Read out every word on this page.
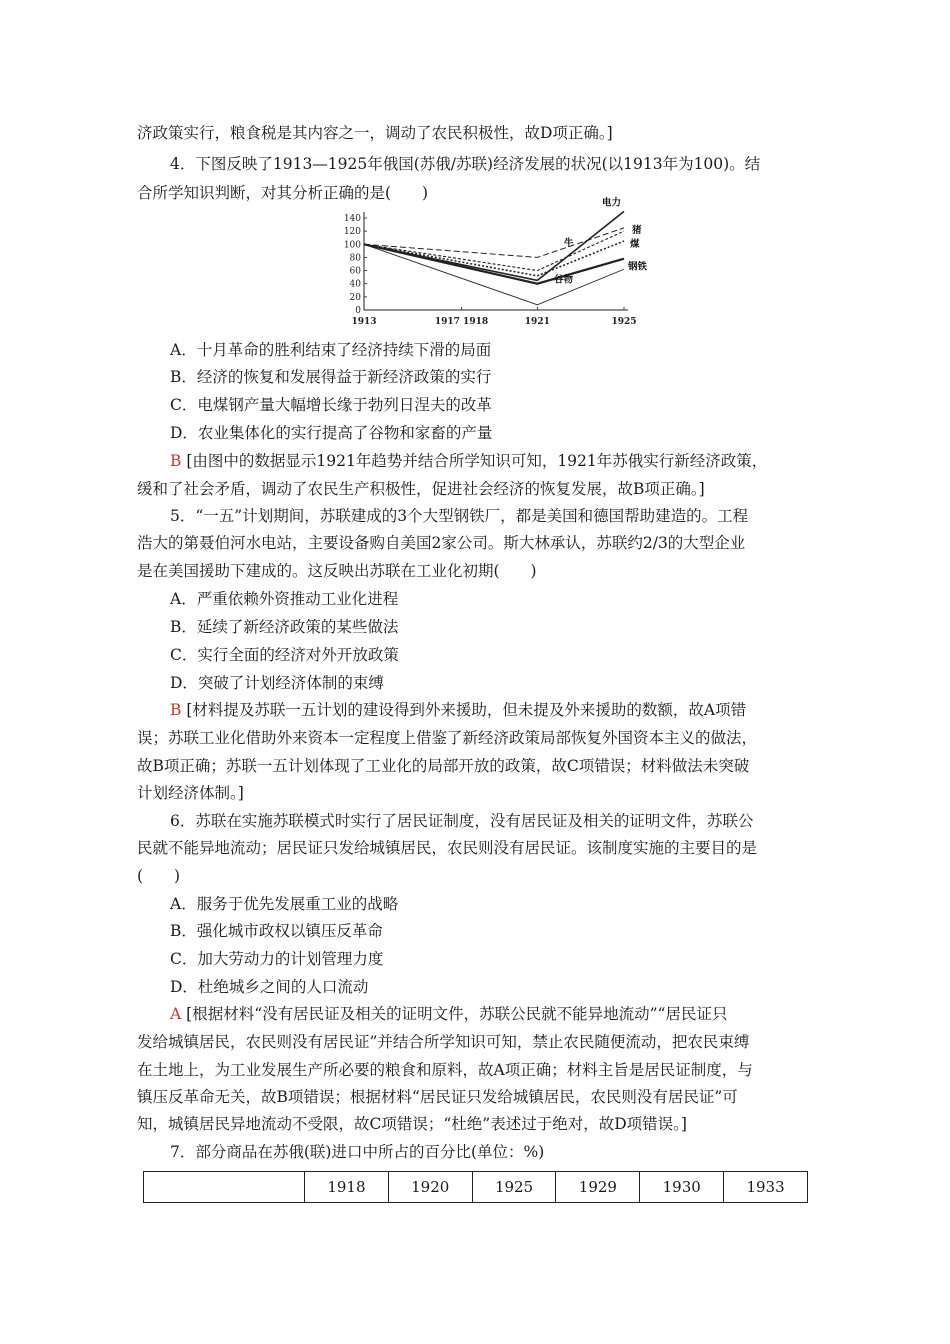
济政策实行，粮食税是其内容之一，调动了农民积极性，故D项正确。]
4．下图反映了1913—1925年俄国(苏俄/苏联)经济发展的状况(以1913年为100)。结
合所学知识判断，对其分析正确的是(　　)
0
20
40
60
80
100
120
140
1913	1917 1918	1921	1925
电力
猪
牛	煤
谷物
钢铁
A．十月革命的胜利结束了经济持续下滑的局面
B．经济的恢复和发展得益于新经济政策的实行
C．电煤钢产量大幅增长缘于勃列日涅夫的改革
D．农业集体化的实行提高了谷物和家畜的产量
B [由图中的数据显示1921年趋势并结合所学知识可知，1921年苏俄实行新经济政策，
缓和了社会矛盾，调动了农民生产积极性，促进社会经济的恢复发展，故B项正确。]
5．“一五”计划期间，苏联建成的3个大型钢铁厂，都是美国和德国帮助建造的。工程
浩大的第聂伯河水电站，主要设备购自美国2家公司。斯大林承认，苏联约2/3的大型企业
是在美国援助下建成的。这反映出苏联在工业化初期(　　)
A．严重依赖外资推动工业化进程
B．延续了新经济政策的某些做法
C．实行全面的经济对外开放政策
D．突破了计划经济体制的束缚
B [材料提及苏联一五计划的建设得到外来援助，但未提及外来援助的数额，故A项错
误；苏联工业化借助外来资本一定程度上借鉴了新经济政策局部恢复外国资本主义的做法，
故B项正确；苏联一五计划体现了工业化的局部开放的政策，故C项错误；材料做法未突破
计划经济体制。]
6．苏联在实施苏联模式时实行了居民证制度，没有居民证及相关的证明文件，苏联公
民就不能异地流动；居民证只发给城镇居民，农民则没有居民证。该制度实施的主要目的是
(　　)
A．服务于优先发展重工业的战略
B．强化城市政权以镇压反革命
C．加大劳动力的计划管理力度
D．杜绝城乡之间的人口流动
A [根据材料“没有居民证及相关的证明文件，苏联公民就不能异地流动”“居民证只
发给城镇居民，农民则没有居民证”并结合所学知识可知，禁止农民随便流动，把农民束缚
在土地上，为工业发展生产所必要的粮食和原料，故A项正确；材料主旨是居民证制度，与
镇压反革命无关，故B项错误；根据材料“居民证只发给城镇居民，农民则没有居民证”可
知，城镇居民异地流动不受限，故C项错误；“杜绝”表述过于绝对，故D项错误。]
7．部分商品在苏俄(联)进口中所占的百分比(单位：%)
	1918	1920	1925	1929	1930	1933
